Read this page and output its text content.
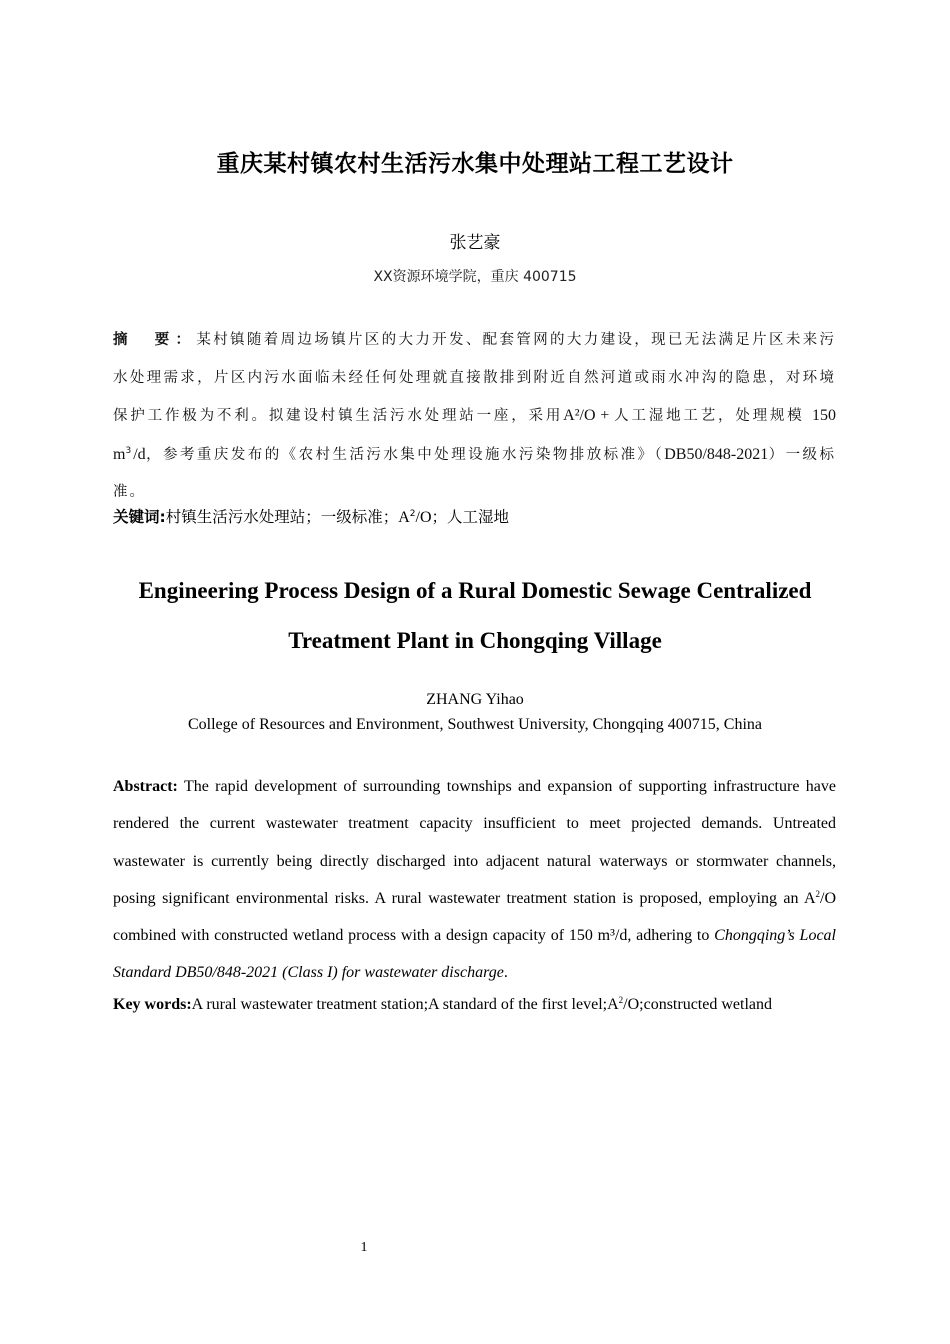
重庆某村镇农村生活污水集中处理站工程工艺设计
张艺豪
XX资源环境学院，重庆 400715
摘　要：某村镇随着周边场镇片区的大力开发、配套管网的大力建设，现已无法满足片区未来污水处理需求，片区内污水面临未经任何处理就直接散排到附近自然河道或雨水冲沟的隐患，对环境保护工作极为不利。拟建设村镇生活污水处理站一座，采用A²/O + 人工湿地工艺，处理规模 150 $m^3/d$，参考重庆发布的《农村生活污水集中处理设施水污染物排放标准》（DB50/848-2021）一级标准。
关键词:村镇生活污水处理站；一级标准；$A^2/O$；人工湿地
Engineering Process Design of a Rural Domestic Sewage Centralized
Treatment Plant in Chongqing Village
ZHANG Yihao
College of Resources and Environment, Southwest University, Chongqing 400715, China
Abstract: The rapid development of surrounding townships and expansion of supporting infrastructure have rendered the current wastewater treatment capacity insufficient to meet projected demands. Untreated wastewater is currently being directly discharged into adjacent natural waterways or stormwater channels, posing significant environmental risks. A rural wastewater treatment station is proposed, employing an $A^2/O$ combined with constructed wetland process with a design capacity of 150 m³/d, adhering to Chongqing’s Local Standard DB50/848-2021 (Class I) for wastewater discharge.
Key words:A rural wastewater treatment station;A standard of the first $level;A^2/O;constructed$ wetland
1
